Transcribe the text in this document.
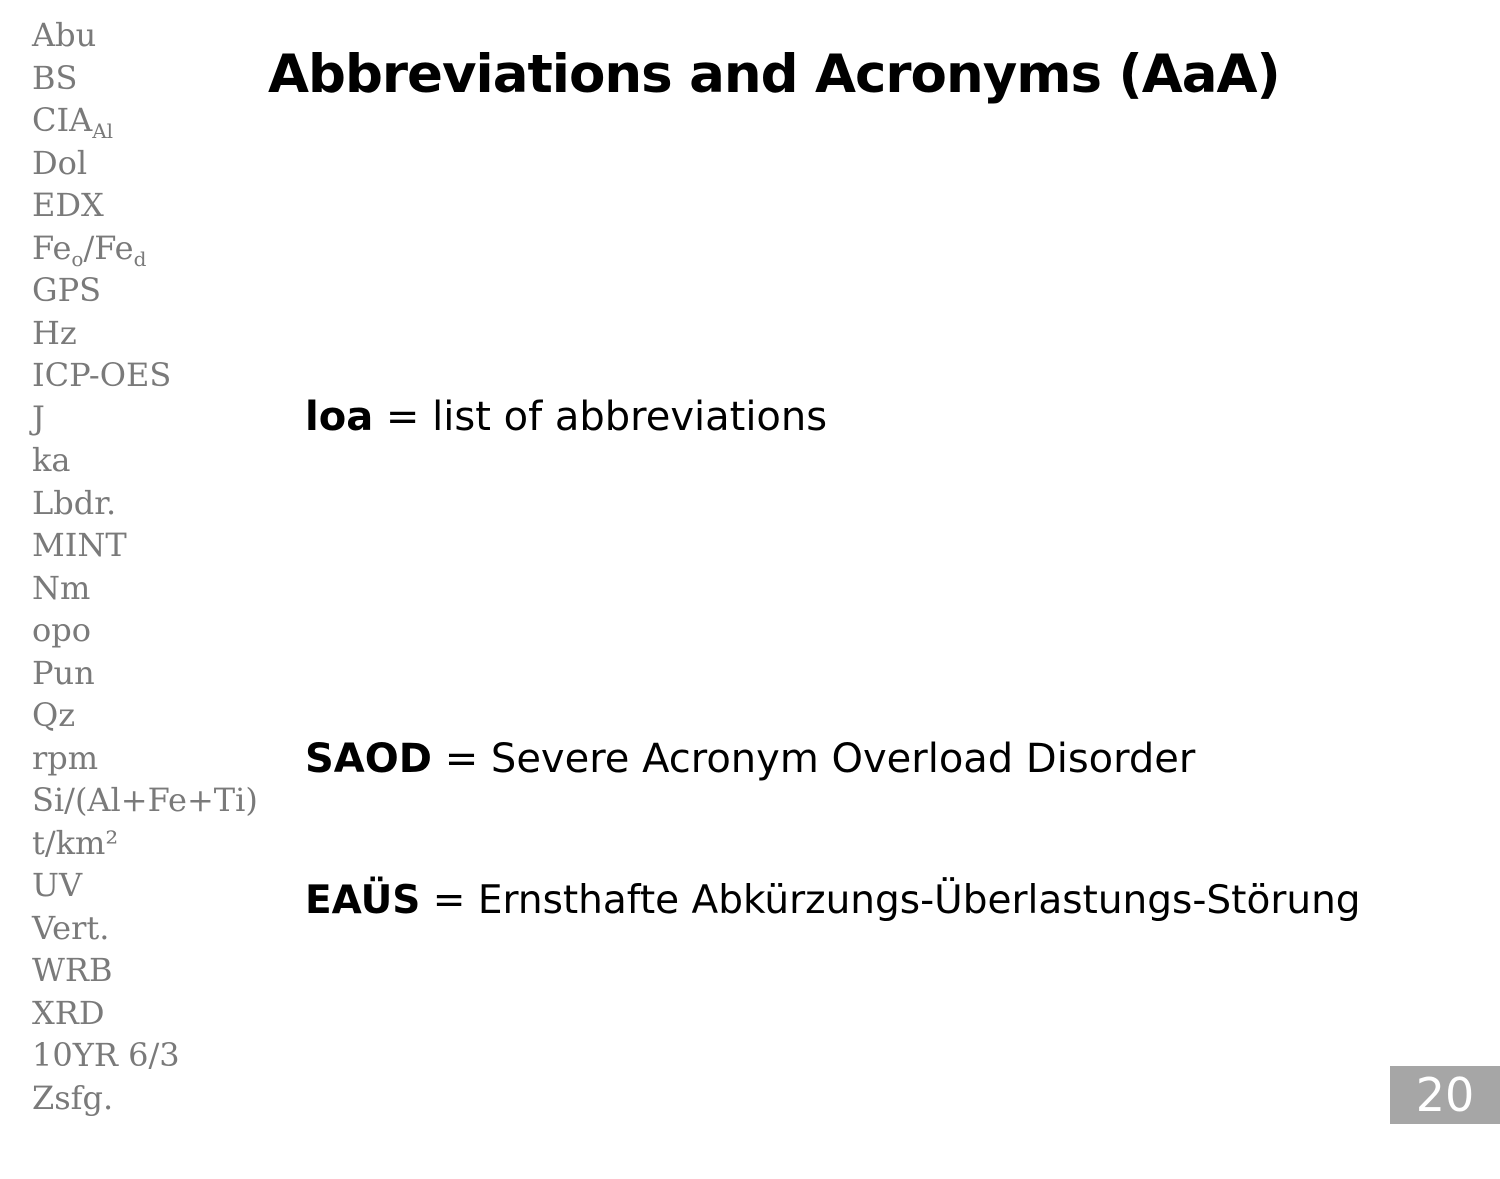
Abu
BS
$CIA_{Al}$
Dol
EDX
$Fe_o/Fe_d$
GPS
Hz
ICP-OES
J
ka
Lbdr.
MINT
Nm
opo
Pun
Qz
rpm
Si/(Al+Fe+Ti)
t/km²
UV
Vert.
WRB
XRD
10YR 6/3
Zsfg.
Abbreviations and Acronyms (AaA)

loa = list of abbreviations

SAOD = Severe Acronym Overload Disorder

EAÜS = Ernsthafte Abkürzungs-Überlastungs-Störung

20
